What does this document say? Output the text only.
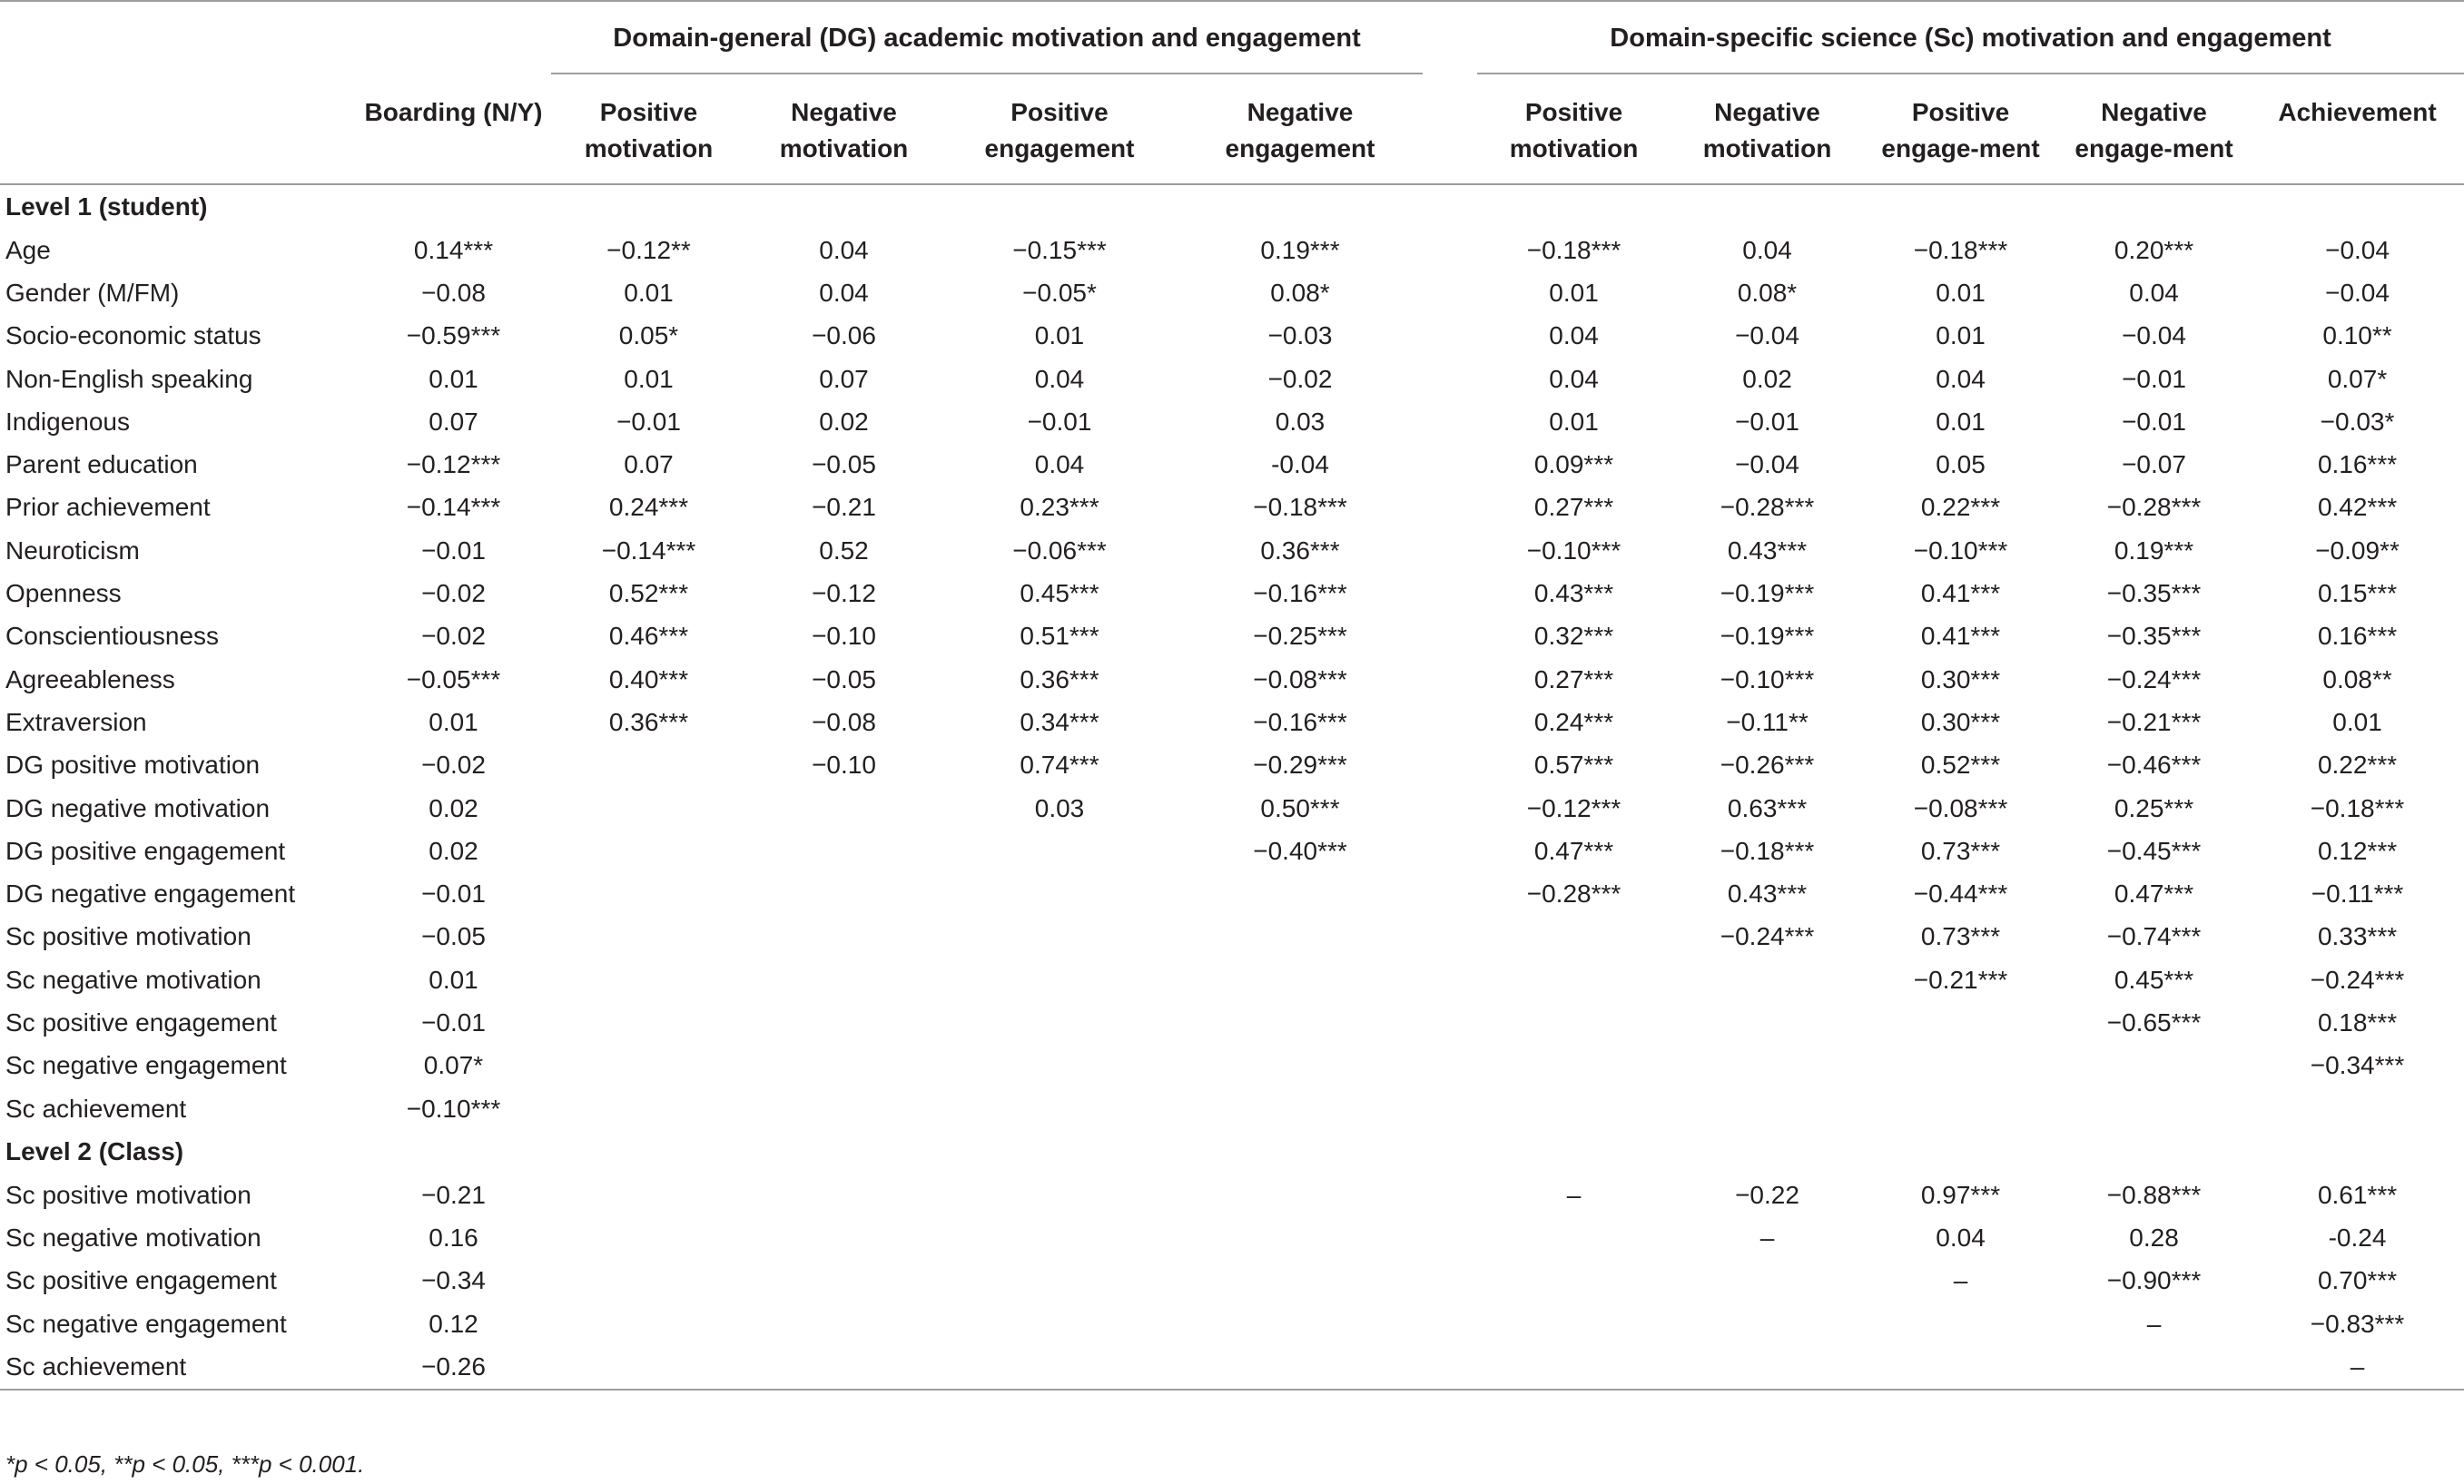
		Domain-general (DG) academic motivation and engagement					Domain-specific science (Sc) motivation and engagement				

	Boarding (N/Y)	Positive motivation	Negative motivation	Positive engagement	Negative engagement		Positive motivation	Negative motivation	Positive engage-ment	Negative engage-ment	Achievement
Level 1 (student)											
Age	0.14***	−0.12**	0.04	−0.15***	0.19***		−0.18***	0.04	−0.18***	0.20***	−0.04
Gender (M/FM)	−0.08	0.01	0.04	−0.05*	0.08*		0.01	0.08*	0.01	0.04	−0.04
Socio-economic status	−0.59***	0.05*	−0.06	0.01	−0.03		0.04	−0.04	0.01	−0.04	0.10**
Non-English speaking	0.01	0.01	0.07	0.04	−0.02		0.04	0.02	0.04	−0.01	0.07*
Indigenous	0.07	−0.01	0.02	−0.01	0.03		0.01	−0.01	0.01	−0.01	−0.03*
Parent education	−0.12***	0.07	−0.05	0.04	-0.04		0.09***	−0.04	0.05	−0.07	0.16***
Prior achievement	−0.14***	0.24***	−0.21	0.23***	−0.18***		0.27***	−0.28***	0.22***	−0.28***	0.42***
Neuroticism	−0.01	−0.14***	0.52	−0.06***	0.36***		−0.10***	0.43***	−0.10***	0.19***	−0.09**
Openness	−0.02	0.52***	−0.12	0.45***	−0.16***		0.43***	−0.19***	0.41***	−0.35***	0.15***
Conscientiousness	−0.02	0.46***	−0.10	0.51***	−0.25***		0.32***	−0.19***	0.41***	−0.35***	0.16***
Agreeableness	−0.05***	0.40***	−0.05	0.36***	−0.08***		0.27***	−0.10***	0.30***	−0.24***	0.08**
Extraversion	0.01	0.36***	−0.08	0.34***	−0.16***		0.24***	−0.11**	0.30***	−0.21***	0.01
DG positive motivation	−0.02		−0.10	0.74***	−0.29***		0.57***	−0.26***	0.52***	−0.46***	0.22***
DG negative motivation	0.02			0.03	0.50***		−0.12***	0.63***	−0.08***	0.25***	−0.18***
DG positive engagement	0.02				−0.40***		0.47***	−0.18***	0.73***	−0.45***	0.12***
DG negative engagement	−0.01						−0.28***	0.43***	−0.44***	0.47***	−0.11***
Sc positive motivation	−0.05							−0.24***	0.73***	−0.74***	0.33***
Sc negative motivation	0.01								−0.21***	0.45***	−0.24***
Sc positive engagement	−0.01									−0.65***	0.18***
Sc negative engagement	0.07*										−0.34***
Sc achievement	−0.10***										
Level 2 (Class)											
Sc positive motivation	−0.21						–	−0.22	0.97***	−0.88***	0.61***
Sc negative motivation	0.16							–	0.04	0.28	-0.24
Sc positive engagement	−0.34								–	−0.90***	0.70***
Sc negative engagement	0.12									–	−0.83***
Sc achievement	−0.26										–
*p < 0.05, **p < 0.05, ***p < 0.001.
